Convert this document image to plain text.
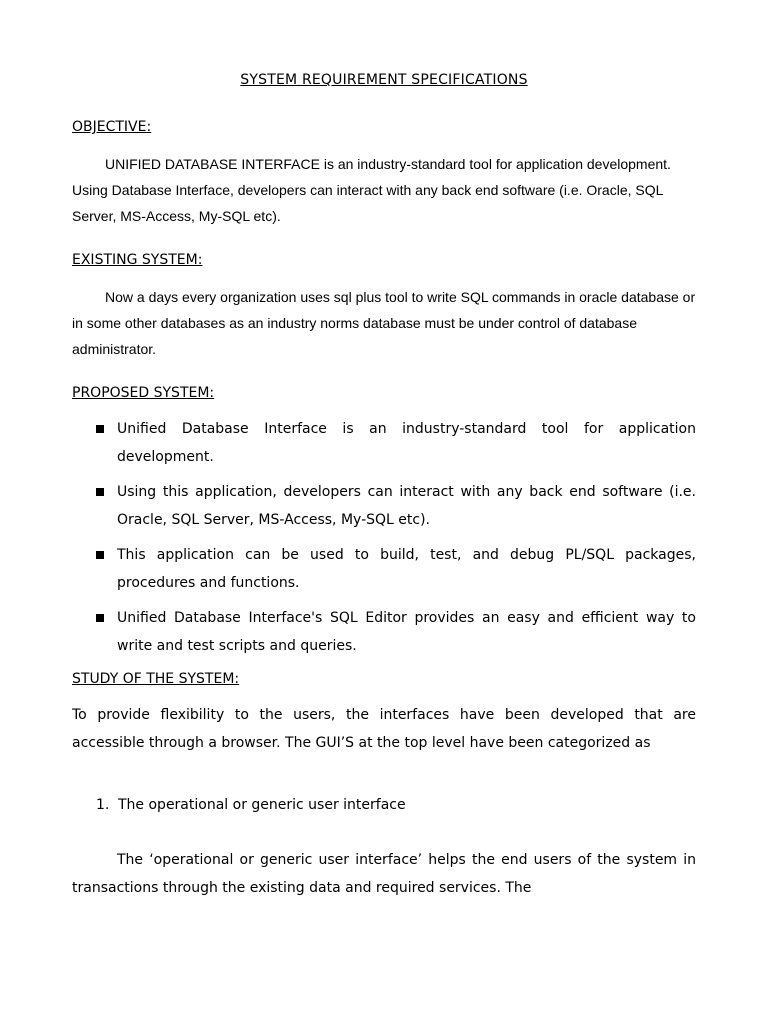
SYSTEM REQUIREMENT SPECIFICATIONS
OBJECTIVE:
UNIFIED DATABASE INTERFACE is an industry-standard tool for application development. Using Database Interface, developers can interact with any back end software (i.e. Oracle, SQL Server, MS-Access, My-SQL etc).
EXISTING SYSTEM:
Now a days every organization uses sql plus tool to write SQL commands in oracle database or in some other databases as an industry norms database must be under control of database administrator.
PROPOSED SYSTEM:
Unified Database Interface is an industry-standard tool for application development.
Using this application, developers can interact with any back end software (i.e. Oracle, SQL Server, MS-Access, My-SQL etc).
This application can be used to build, test, and debug PL/SQL packages, procedures and functions.
Unified Database Interface's SQL Editor provides an easy and efficient way to write and test scripts and queries.
STUDY OF THE SYSTEM:
To provide flexibility to the users, the interfaces have been developed that are accessible through a browser. The GUI’S at the top level have been categorized as
1. The operational or generic user interface
The ‘operational or generic user interface’ helps the end users of the system in transactions through the existing data and required services. The
